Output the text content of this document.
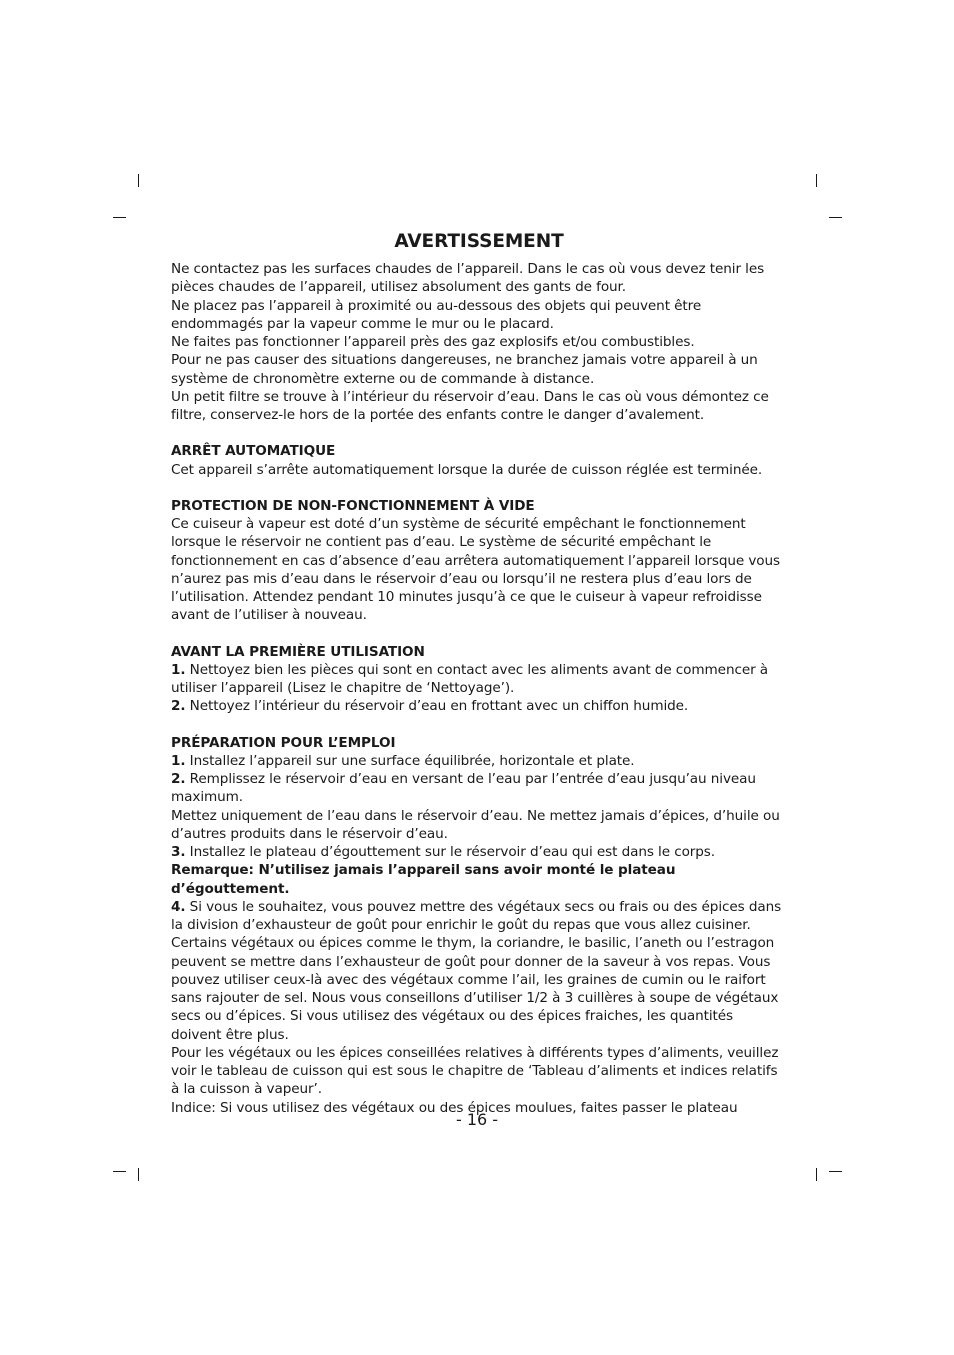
AVERTISSEMENT

Ne contactez pas les surfaces chaudes de l’appareil. Dans le cas où vous devez tenir les pièces chaudes de l’appareil, utilisez absolument des gants de four.

Ne placez pas l’appareil à proximité ou au-dessous des objets qui peuvent être endommagés par la vapeur comme le mur ou le placard.

Ne faites pas fonctionner l’appareil près des gaz explosifs et/ou combustibles.

Pour ne pas causer des situations dangereuses, ne branchez jamais votre appareil à un système de chronomètre externe ou de commande à distance.

Un petit filtre se trouve à l’intérieur du réservoir d’eau. Dans le cas où vous démontez ce filtre, conservez-le hors de la portée des enfants contre le danger d’avalement.

ARRÊT AUTOMATIQUE

Cet appareil s’arrête automatiquement lorsque la durée de cuisson réglée est terminée.

PROTECTION DE NON-FONCTIONNEMENT À VIDE

Ce cuiseur à vapeur est doté d’un système de sécurité empêchant le fonctionnement lorsque le réservoir ne contient pas d’eau. Le système de sécurité empêchant le fonctionnement en cas d’absence d’eau arrêtera automatiquement l’appareil lorsque vous n’aurez pas mis d’eau dans le réservoir d’eau ou lorsqu’il ne restera plus d’eau lors de l’utilisation. Attendez pendant 10 minutes jusqu’à ce que le cuiseur à vapeur refroidisse avant de l’utiliser à nouveau.

AVANT LA PREMIÈRE UTILISATION

1. Nettoyez bien les pièces qui sont en contact avec les aliments avant de commencer à utiliser l’appareil (Lisez le chapitre de ‘Nettoyage’).

2. Nettoyez l’intérieur du réservoir d’eau en frottant avec un chiffon humide.

PRÉPARATION POUR L’EMPLOI

1. Installez l’appareil sur une surface équilibrée, horizontale et plate.

2. Remplissez le réservoir d’eau en versant de l’eau par l’entrée d’eau jusqu’au niveau maximum.

Mettez uniquement de l’eau dans le réservoir d’eau. Ne mettez jamais d’épices, d’huile ou d’autres produits dans le réservoir d’eau.

3. Installez le plateau d’égouttement sur le réservoir d’eau qui est dans le corps.

Remarque: N’utilisez jamais l’appareil sans avoir monté le plateau d’égouttement.

4. Si vous le souhaitez, vous pouvez mettre des végétaux secs ou frais ou des épices dans la division d’exhausteur de goût pour enrichir le goût du repas que vous allez cuisiner. Certains végétaux ou épices comme le thym, la coriandre, le basilic, l’aneth ou l’estragon peuvent se mettre dans l’exhausteur de goût pour donner de la saveur à vos repas. Vous pouvez utiliser ceux-là avec des végétaux comme l’ail, les graines de cumin ou le raifort sans rajouter de sel. Nous vous conseillons d’utiliser 1/2 à 3 cuillères à soupe de végétaux secs ou d’épices. Si vous utilisez des végétaux ou des épices fraiches, les quantités doivent être plus.

Pour les végétaux ou les épices conseillées relatives à différents types d’aliments, veuillez voir le tableau de cuisson qui est sous le chapitre de ‘Tableau d’aliments et indices relatifs à la cuisson à vapeur’.

Indice: Si vous utilisez des végétaux ou des épices moulues, faites passer le plateau

- 16 -
